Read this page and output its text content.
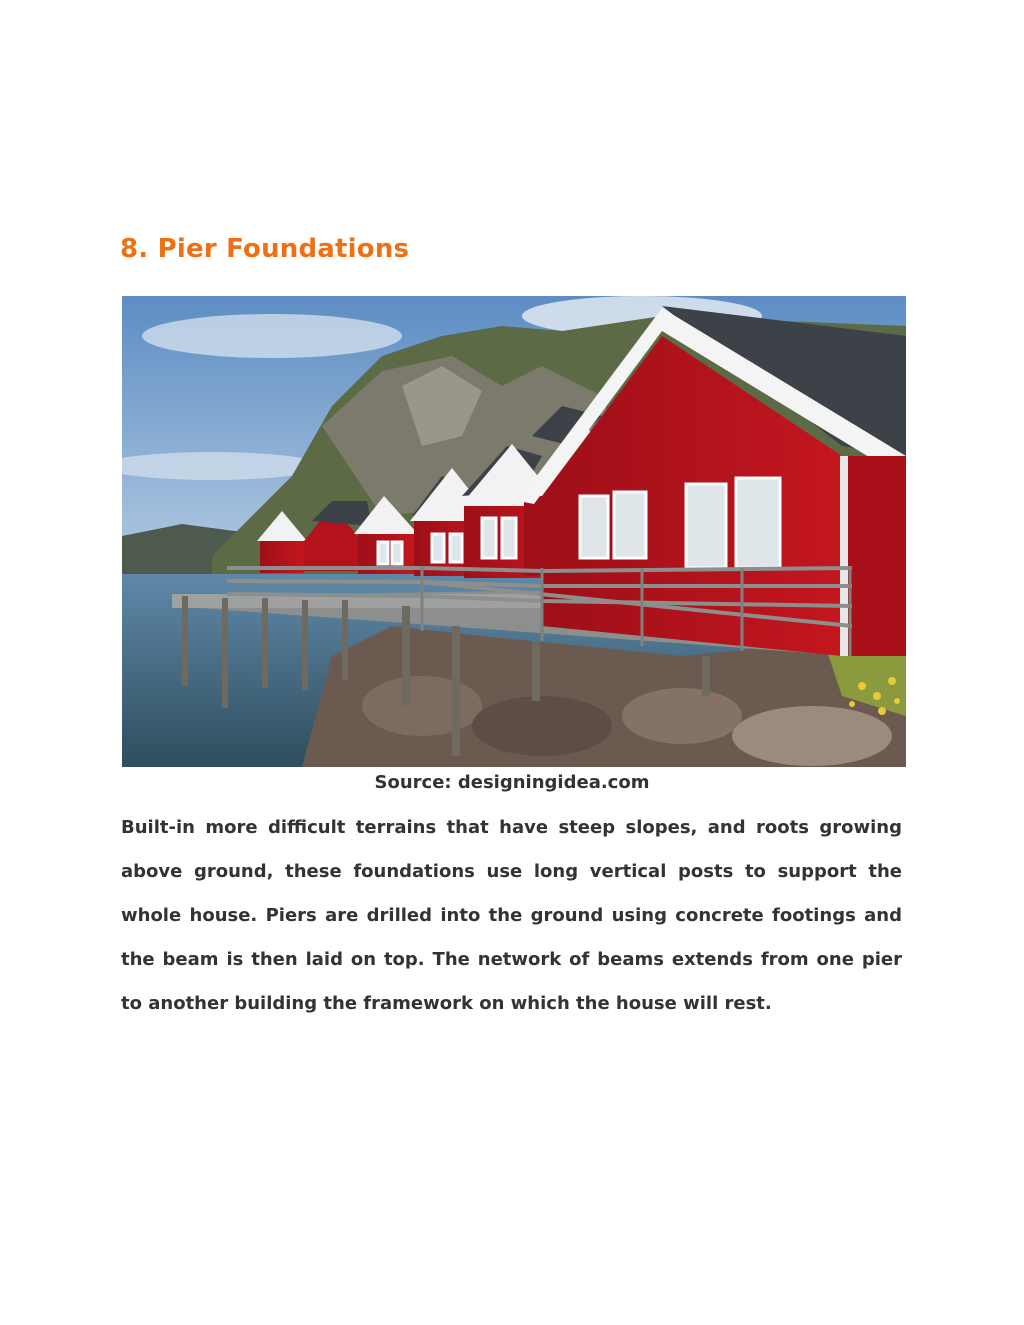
8. Pier Foundations
Source: designingidea.com

Built-in more difficult terrains that have steep slopes, and roots growing above ground, these foundations use long vertical posts to support the whole house. Piers are drilled into the ground using concrete footings and the beam is then laid on top. The network of beams extends from one pier to another building the framework on which the house will rest.
